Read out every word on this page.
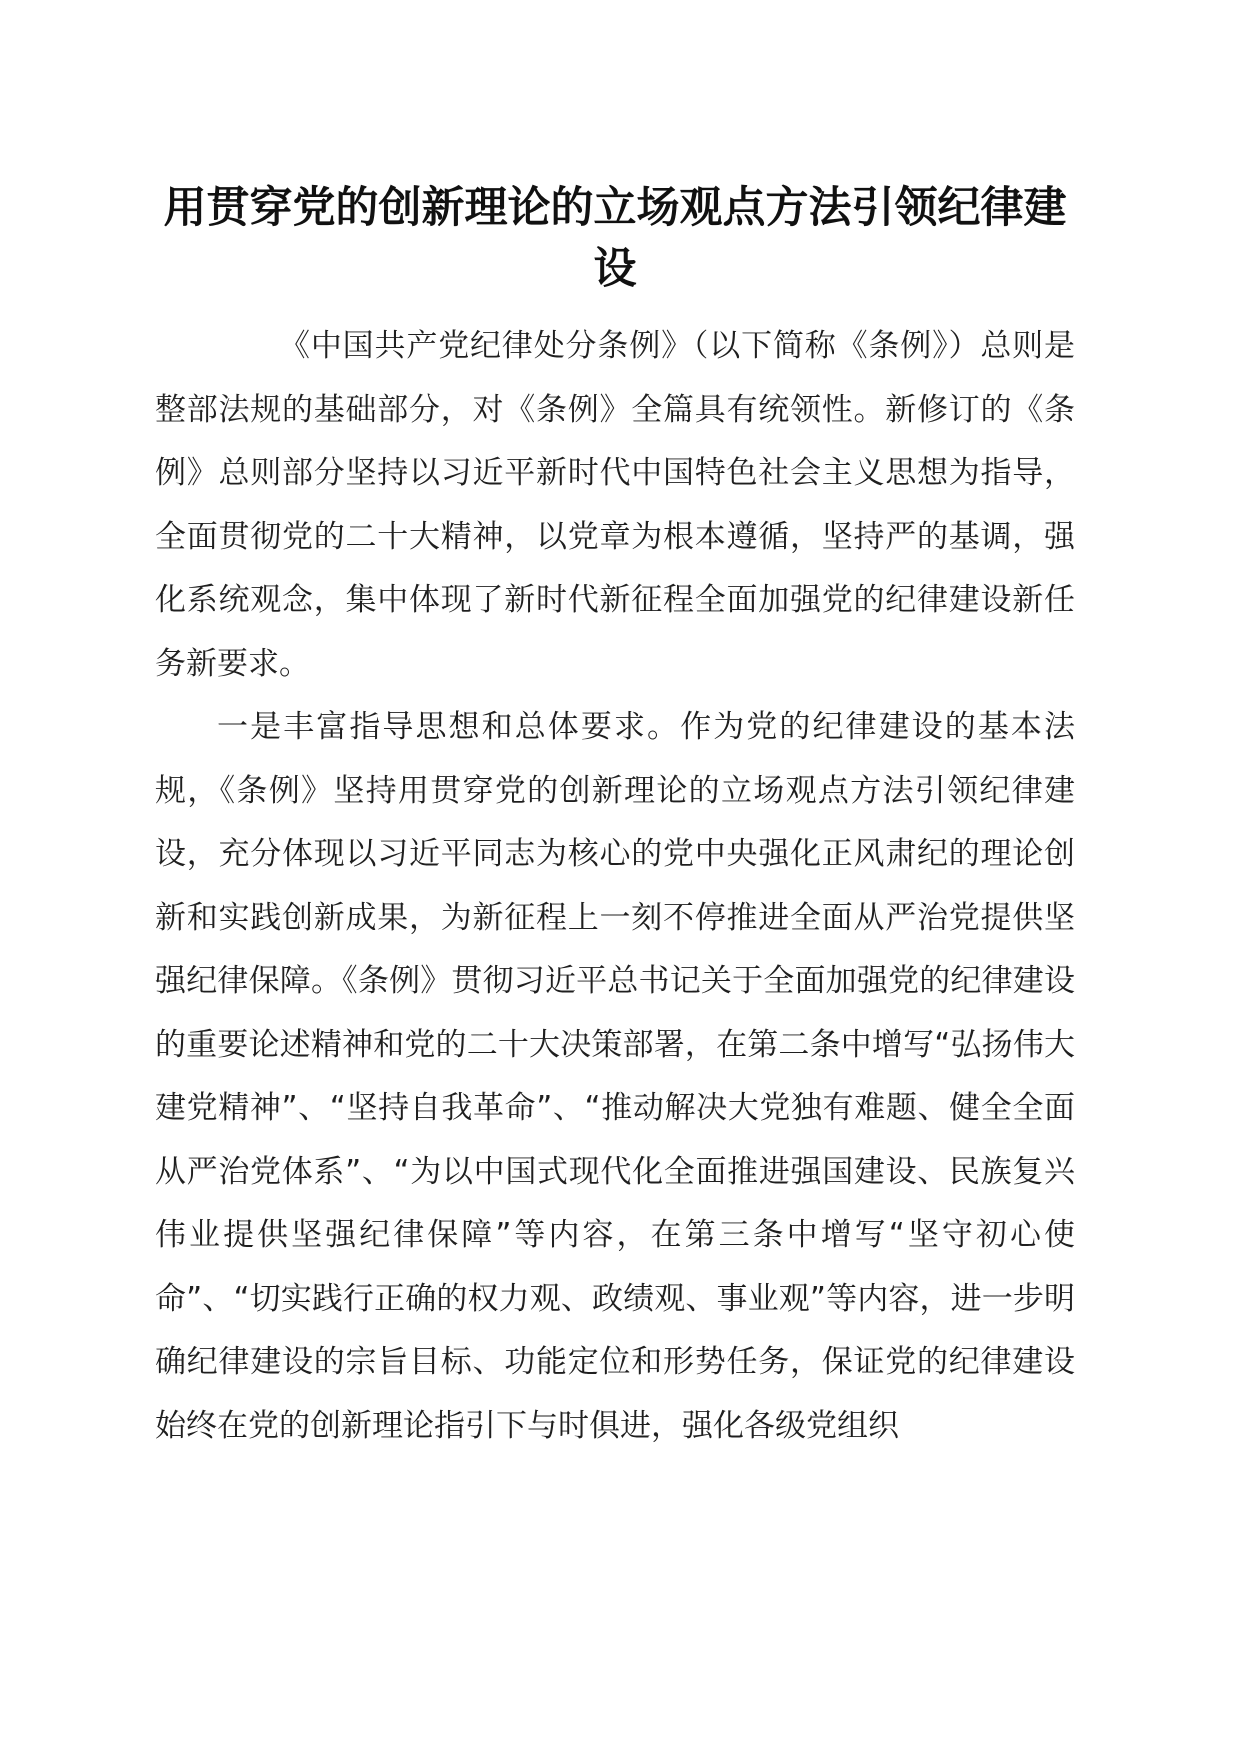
用贯穿党的创新理论的立场观点方法引领纪律建设

《中国共产党纪律处分条例》（以下简称《条例》）总则是整部法规的基础部分，对《条例》全篇具有统领性。新修订的《条例》总则部分坚持以习近平新时代中国特色社会主义思想为指导，全面贯彻党的二十大精神，以党章为根本遵循，坚持严的基调，强化系统观念，集中体现了新时代新征程全面加强党的纪律建设新任务新要求。

一是丰富指导思想和总体要求。作为党的纪律建设的基本法规，《条例》坚持用贯穿党的创新理论的立场观点方法引领纪律建设，充分体现以习近平同志为核心的党中央强化正风肃纪的理论创新和实践创新成果，为新征程上一刻不停推进全面从严治党提供坚强纪律保障。《条例》贯彻习近平总书记关于全面加强党的纪律建设的重要论述精神和党的二十大决策部署，在第二条中增写“弘扬伟大建党精神”、“坚持自我革命”、“推动解决大党独有难题、健全全面从严治党体系”、“为以中国式现代化全面推进强国建设、民族复兴伟业提供坚强纪律保障”等内容，在第三条中增写“坚守初心使命”、“切实践行正确的权力观、政绩观、事业观”等内容，进一步明确纪律建设的宗旨目标、功能定位和形势任务，保证党的纪律建设始终在党的创新理论指引下与时俱进，强化各级党组织
